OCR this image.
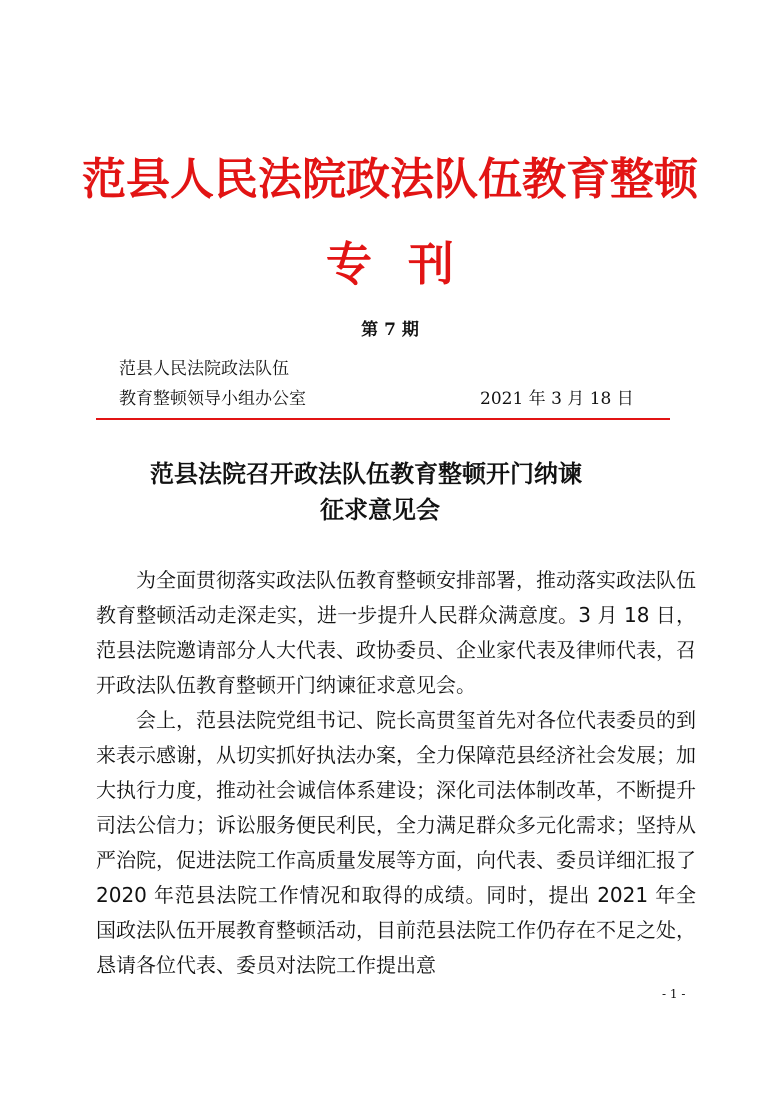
范县人民法院政法队伍教育整顿
专刊
第 7 期
范县人民法院政法队伍
教育整顿领导小组办公室	2021 年 3 月 18 日
范县法院召开政法队伍教育整顿开门纳谏
征求意见会

为全面贯彻落实政法队伍教育整顿安排部署，推动落实政法队伍教育整顿活动走深走实，进一步提升人民群众满意度。3 月 18 日，范县法院邀请部分人大代表、政协委员、企业家代表及律师代表，召开政法队伍教育整顿开门纳谏征求意见会。

会上，范县法院党组书记、院长高贯玺首先对各位代表委员的到来表示感谢，从切实抓好执法办案，全力保障范县经济社会发展；加大执行力度，推动社会诚信体系建设；深化司法体制改革，不断提升司法公信力；诉讼服务便民利民，全力满足群众多元化需求；坚持从严治院，促进法院工作高质量发展等方面，向代表、委员详细汇报了 2020 年范县法院工作情况和取得的成绩。同时，提出 2021 年全国政法队伍开展教育整顿活动，目前范县法院工作仍存在不足之处，恳请各位代表、委员对法院工作提出意

- 1 -
